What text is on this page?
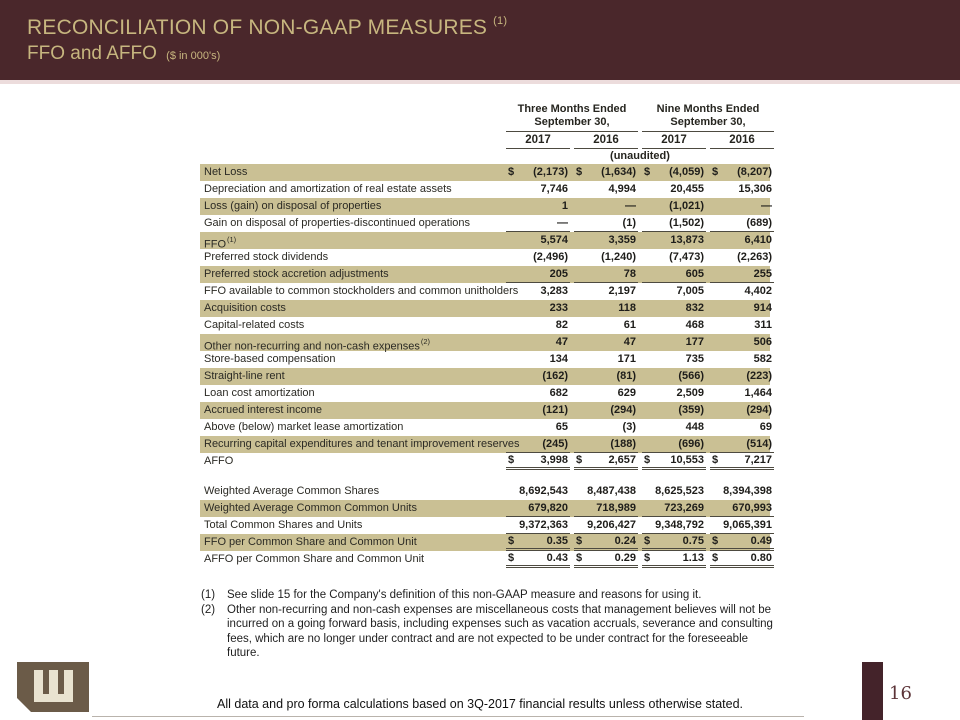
RECONCILIATION OF NON-GAAP MEASURES $^{(1)}$
FFO and AFFO ($ in 000's)
Three Months Ended
September 30,
Nine Months Ended
September 30,
2017	2016	2017	2016
(unaudited)
Net Loss	$ (2,173) $ (1,634) $ (4,059) $ (8,207)
Depreciation and amortization of real estate assets	7,746	4,994	20,455	15,306
Loss (gain) on disposal of properties	1	—	(1,021)	—
Gain on disposal of properties-discontinued operations	—	(1)	(1,502)	(689)
FFO$^{(1)}$	5,574	3,359	13,873	6,410
Preferred stock dividends	(2,496)	(1,240)	(7,473)	(2,263)
Preferred stock accretion adjustments	205	78	605	255
FFO available to common stockholders and common unitholders 3,283	2,197	7,005	4,402
Acquisition costs	233	118	832	914
Capital-related costs	82	61	468	311
Other non-recurring and non-cash expenses$^{(2)}$	47	47	177	506
Store-based compensation	134	171	735	582
Straight-line rent	(162)	(81)	(566)	(223)
Loan cost amortization	682	629	2,509	1,464
Accrued interest income	(121)	(294)	(359)	(294)
Above (below) market lease amortization	65	(3)	448	69
Recurring capital expenditures and tenant improvement reserves (245)	(188)	(696)	(514)
AFFO	$ 3,998 $ 2,657 $ 10,553 $ 7,217
Weighted Average Common Shares	8,692,543 8,487,438 8,625,523 8,394,398
Weighted Average Common Common Units	679,820	718,989	723,269	670,993
Total Common Shares and Units	9,372,363 9,206,427 9,348,792 9,065,391
FFO per Common Share and Common Unit	$	0.35 $	0.24 $	0.75 $	0.49
AFFO per Common Share and Common Unit	$	0.43 $	0.29 $	1.13 $	0.80
(1)	See slide 15 for the Company's definition of this non-GAAP measure and reasons for using it.
(2)	Other non-recurring and non-cash expenses are miscellaneous costs that management believes will not be incurred on a going forward basis, including expenses such as vacation accruals, severance and consulting fees, which are no longer under contract and are not expected to be under contract for the foreseeable future.
All data and pro forma calculations based on 3Q-2017 financial results unless otherwise stated.	16
